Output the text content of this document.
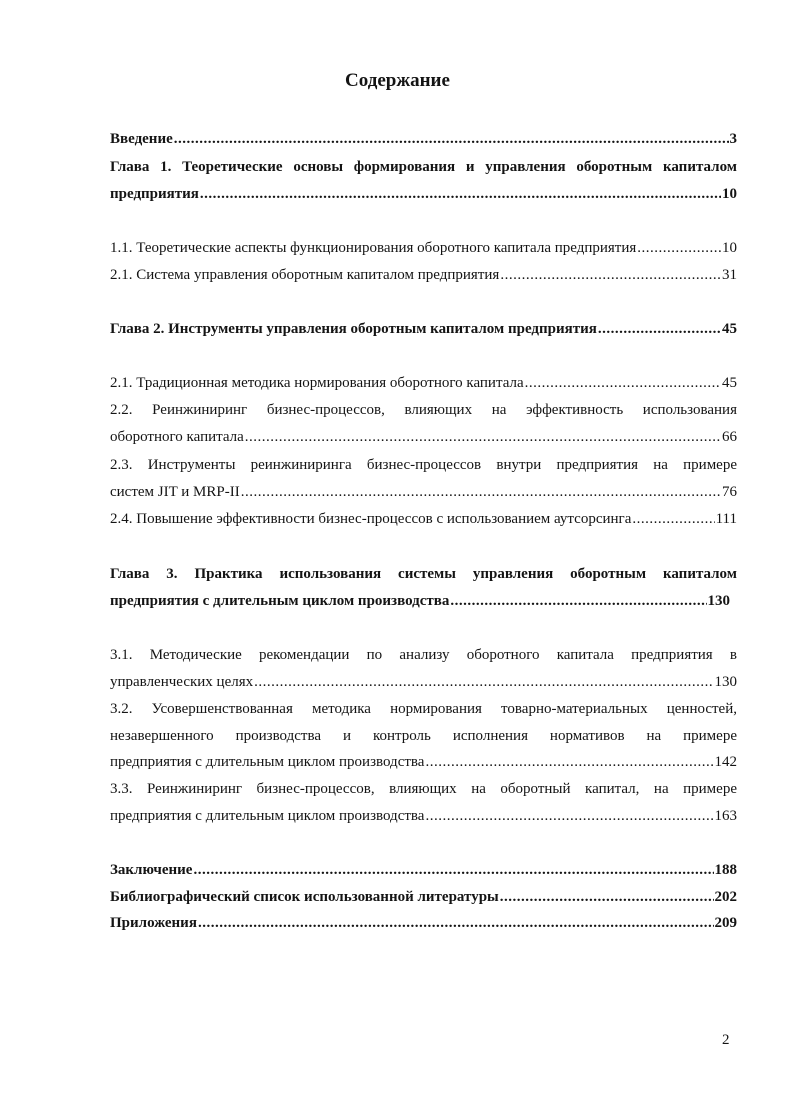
Содержание
Введение .....	3
Глава 1. Теоретические основы формирования и управления оборотным капиталом
предприятия .....	10
1.1. Теоретические аспекты функционирования оборотного капитала предприятия .....	10
2.1. Система управления оборотным капиталом предприятия .....	31
Глава 2. Инструменты управления оборотным капиталом предприятия .....	45
2.1. Традиционная методика нормирования оборотного капитала .....	45
2.2. Реинжиниринг бизнес-процессов, влияющих на эффективность использования
оборотного капитала .....	66
2.3. Инструменты реинжиниринга бизнес-процессов внутри предприятия на примере
систем JIT и MRP-II .....	76
2.4. Повышение эффективности бизнес-процессов с использованием аутсорсинга .....	111
Глава 3. Практика использования системы управления оборотным капиталом
предприятия с длительным циклом производства .....	130
3.1. Методические рекомендации по анализу оборотного капитала предприятия в
управленческих целях .....	130
3.2. Усовершенствованная методика нормирования товарно-материальных ценностей,
незавершенного производства и контроль исполнения нормативов на примере
предприятия с длительным циклом производства .....	142
3.3. Реинжиниринг бизнес-процессов, влияющих на оборотный капитал, на примере
предприятия с длительным циклом производства .....	163
Заключение .....	188
Библиографический список использованной литературы .....	202
Приложения .....	209
2
